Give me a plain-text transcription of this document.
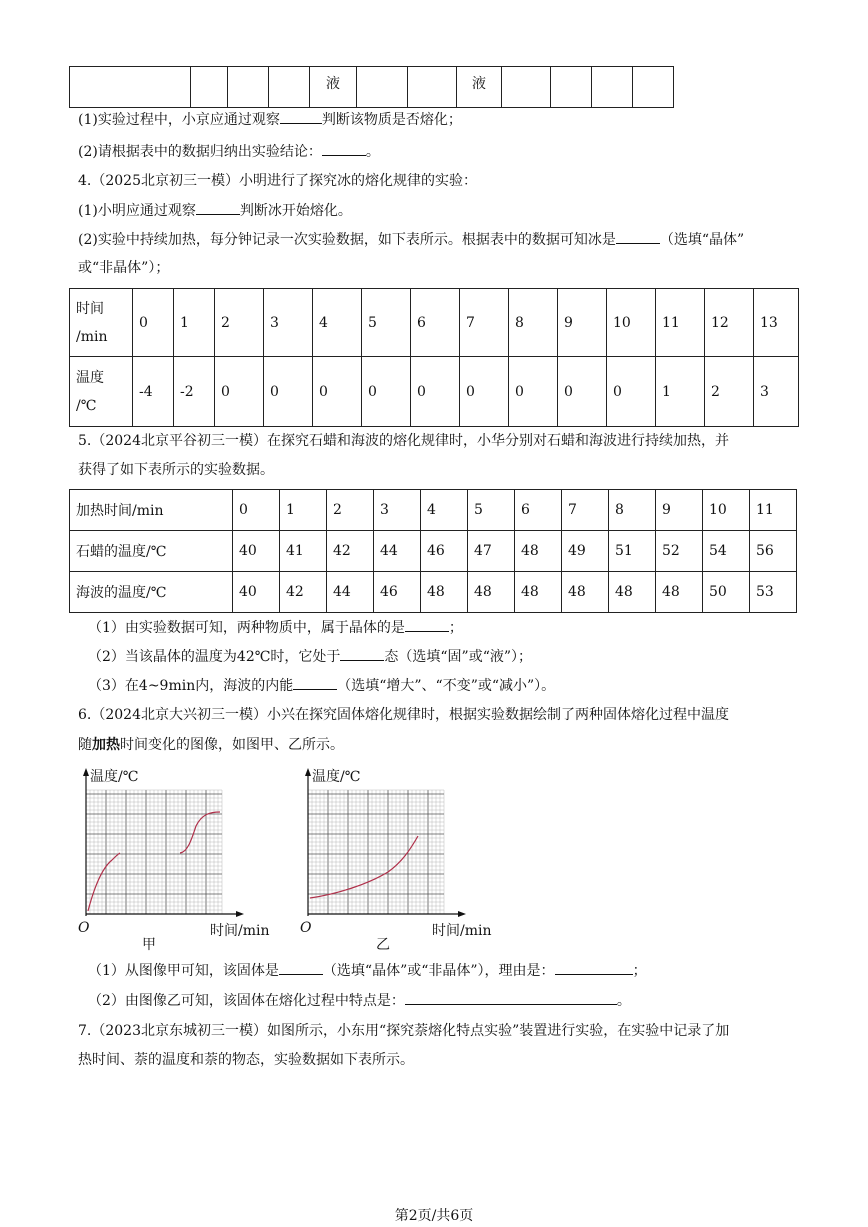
				液			液				
(1)实验过程中，小京应通过观察	判断该物质是否熔化；
(2)请根据表中的数据归纳出实验结论：	。
4.（2025北京初三一模）小明进行了探究冰的熔化规律的实验：
(1)小明应通过观察	判断冰开始熔化。
(2)实验中持续加热，每分钟记录一次实验数据，如下表所示。根据表中的数据可知冰是	（选填“晶体”
或“非晶体”）；
时间
/min	0	1	2	3	4	5	6	7	8	9	10	11	12	13
温度
/℃	-4	-2	0	0	0	0	0	0	0	0	0	1	2	3
5.（2024北京平谷初三一模）在探究石蜡和海波的熔化规律时，小华分别对石蜡和海波进行持续加热，并
获得了如下表所示的实验数据。
加热时间/min	0	1	2	3	4	5	6	7	8	9	10	11
石蜡的温度/℃	40	41	42	44	46	47	48	49	51	52	54	56
海波的温度/℃	40	42	44	46	48	48	48	48	48	48	50	53
（1）由实验数据可知，两种物质中，属于晶体的是	；
（2）当该晶体的温度为42℃时，它处于	态（选填“固”或“液”）；
（3）在4~9min内，海波的内能	（选填“增大”、“不变”或“减小”）。
6.（2024北京大兴初三一模）小兴在探究固体熔化规律时，根据实验数据绘制了两种固体熔化过程中温度
随加热时间变化的图像，如图甲、乙所示。
温度/℃
O	时间/min
甲
温度/℃
O	时间/min
乙
（1）从图像甲可知，该固体是	（选填“晶体”或“非晶体”），理由是：	；
（2）由图像乙可知，该固体在熔化过程中特点是：	。
7.（2023北京东城初三一模）如图所示，小东用“探究萘熔化特点实验”装置进行实验，在实验中记录了加
热时间、萘的温度和萘的物态，实验数据如下表所示。
第2页/共6页
